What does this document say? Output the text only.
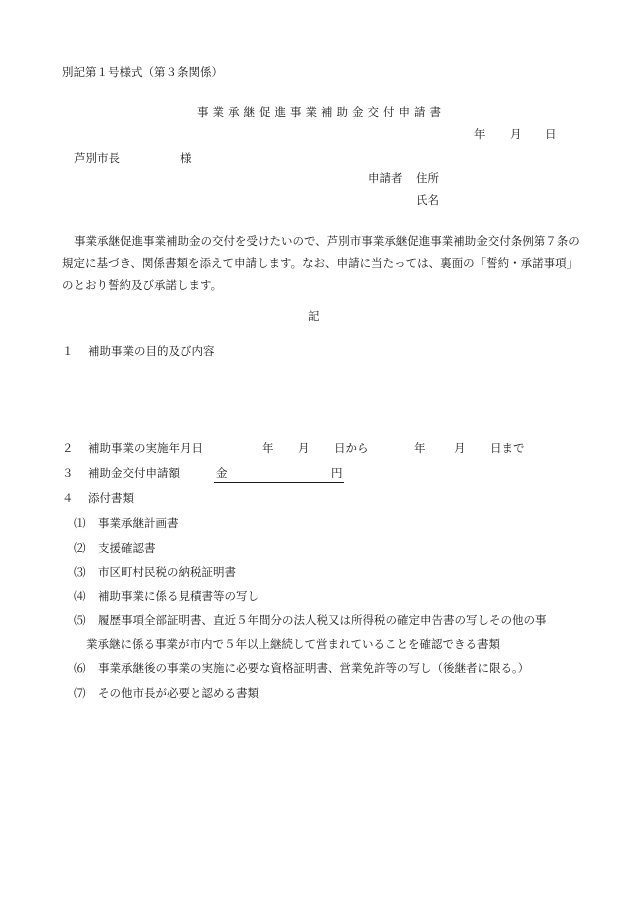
別記第１号様式（第３条関係）
事業承継促進事業補助金交付申請書
年 月 日
芦別市長	様
申請者 住所
氏名
事業承継促進事業補助金の交付を受けたいので、芦別市事業承継促進事業補助金交付条例第７条の規定に基づき、関係書類を添えて申請します。なお、申請に当たっては、裏面の「誓約・承諾事項」のとおり誓約及び承諾します。
記
１ 補助事業の目的及び内容
２ 補助事業の実施年月日	年 月 日から	年 月 日まで
３ 補助金交付申請額	金	円
４ 添付書類
⑴ 事業承継計画書
⑵ 支援確認書
⑶ 市区町村民税の納税証明書
⑷ 補助事業に係る見積書等の写し
⑸ 履歴事項全部証明書、直近５年間分の法人税又は所得税の確定申告書の写しその他の事
業承継に係る事業が市内で５年以上継続して営まれていることを確認できる書類
⑹ 事業承継後の事業の実施に必要な資格証明書、営業免許等の写し（後継者に限る。）
⑺ その他市長が必要と認める書類
